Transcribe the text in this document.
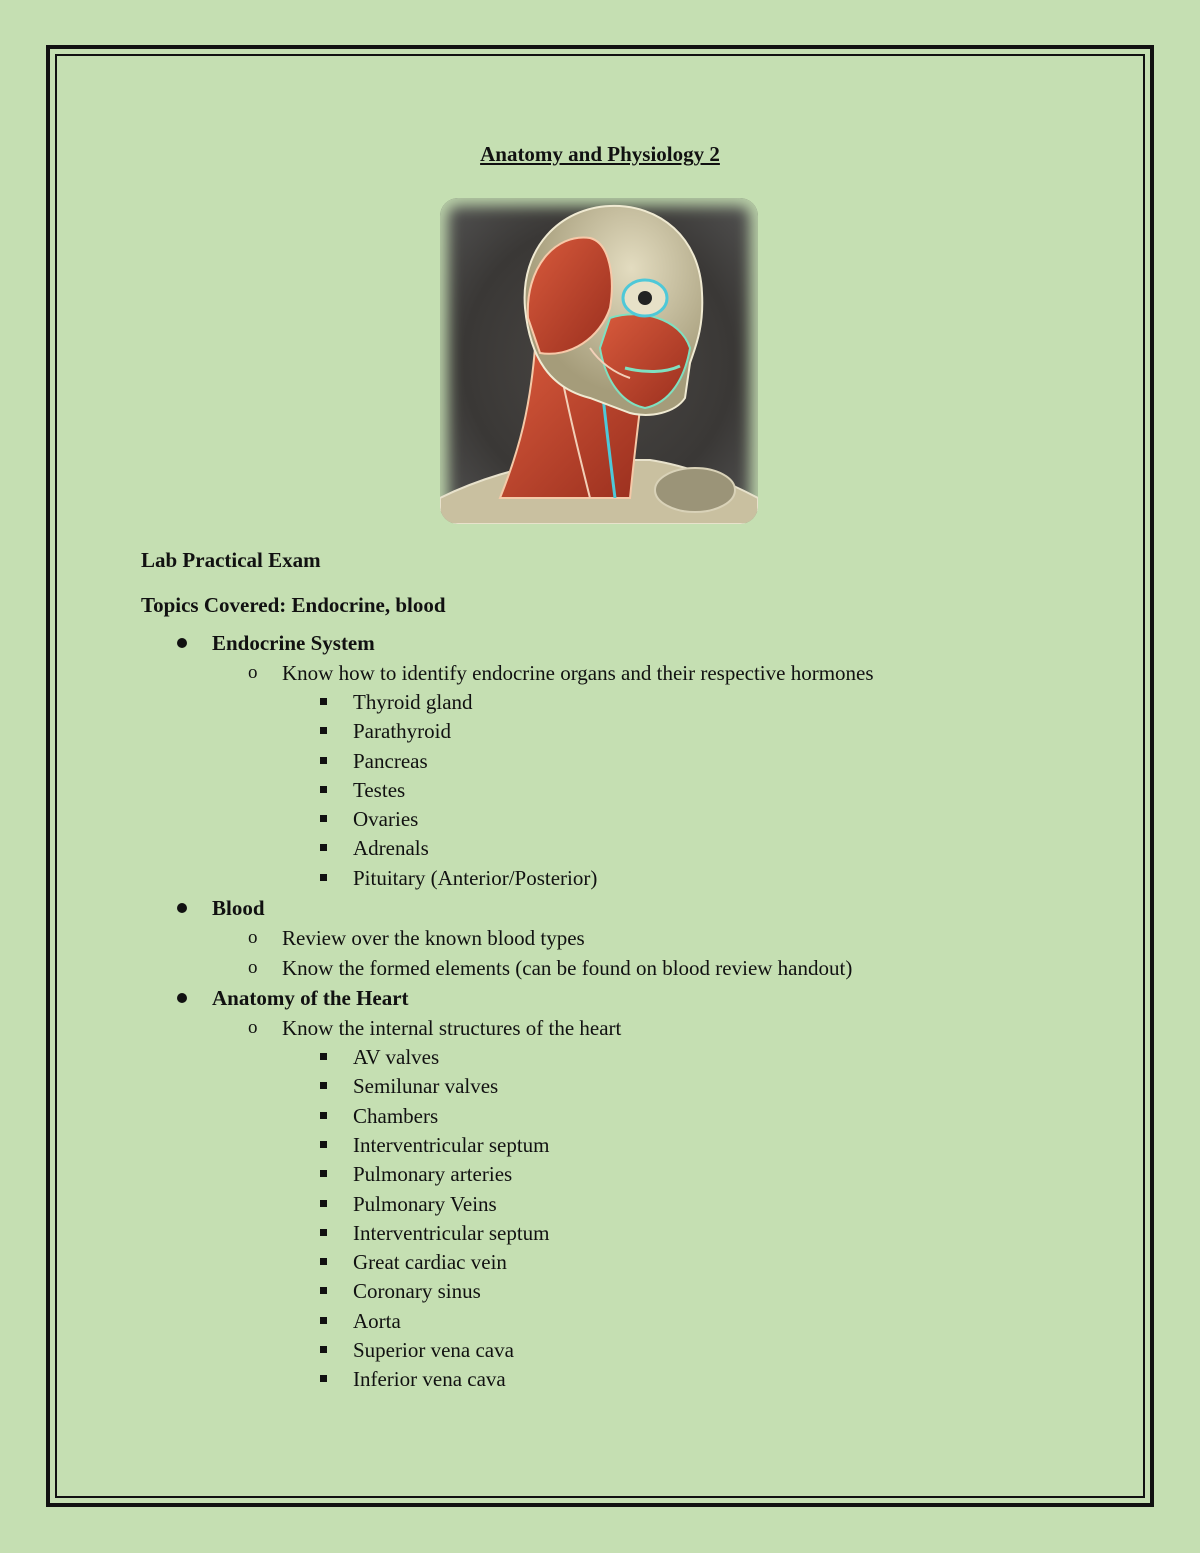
Anatomy and Physiology 2

Lab Practical Exam

Topics Covered: Endocrine, blood

Endocrine System
o Know how to identify endocrine organs and their respective hormones
Thyroid gland
Parathyroid
Pancreas
Testes
Ovaries
Adrenals
Pituitary (Anterior/Posterior)
Blood
o Review over the known blood types
o Know the formed elements (can be found on blood review handout)
Anatomy of the Heart
o Know the internal structures of the heart
AV valves
Semilunar valves
Chambers
Interventricular septum
Pulmonary arteries
Pulmonary Veins
Interventricular septum
Great cardiac vein
Coronary sinus
Aorta
Superior vena cava
Inferior vena cava
